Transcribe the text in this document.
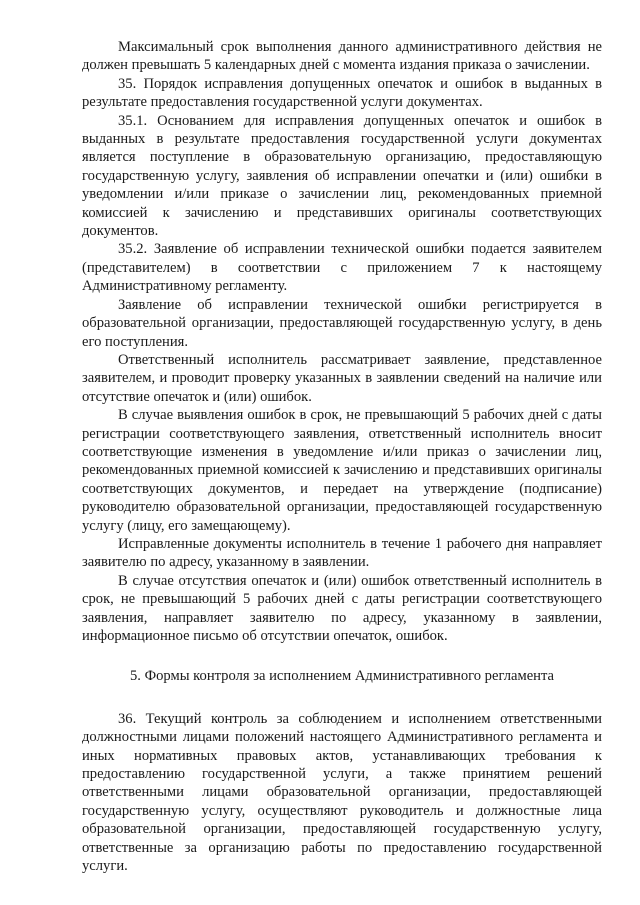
Максимальный срок выполнения данного административного действия не должен превышать 5 календарных дней с момента издания приказа о зачислении.

35. Порядок исправления допущенных опечаток и ошибок в выданных в результате предоставления государственной услуги документах.

35.1. Основанием для исправления допущенных опечаток и ошибок в выданных в результате предоставления государственной услуги документах является поступление в образовательную организацию, предоставляющую государственную услугу, заявления об исправлении опечатки и (или) ошибки в уведомлении и/или приказе о зачислении лиц, рекомендованных приемной комиссией к зачислению и представивших оригиналы соответствующих документов.

35.2. Заявление об исправлении технической ошибки подается заявителем (представителем) в соответствии с приложением 7 к настоящему Административному регламенту.

Заявление об исправлении технической ошибки регистрируется в образовательной организации, предоставляющей государственную услугу, в день его поступления.

Ответственный исполнитель рассматривает заявление, представленное заявителем, и проводит проверку указанных в заявлении сведений на наличие или отсутствие опечаток и (или) ошибок.

В случае выявления ошибок в срок, не превышающий 5 рабочих дней с даты регистрации соответствующего заявления, ответственный исполнитель вносит соответствующие изменения в уведомление и/или приказ о зачислении лиц, рекомендованных приемной комиссией к зачислению и представивших оригиналы соответствующих документов, и передает на утверждение (подписание) руководителю образовательной организации, предоставляющей государственную услугу (лицу, его замещающему).

Исправленные документы исполнитель в течение 1 рабочего дня направляет заявителю по адресу, указанному в заявлении.

В случае отсутствия опечаток и (или) ошибок ответственный исполнитель в срок, не превышающий 5 рабочих дней с даты регистрации соответствующего заявления, направляет заявителю по адресу, указанному в заявлении, информационное письмо об отсутствии опечаток, ошибок.

5. Формы контроля за исполнением Административного регламента

36. Текущий контроль за соблюдением и исполнением ответственными должностными лицами положений настоящего Административного регламента и иных нормативных правовых актов, устанавливающих требования к предоставлению государственной услуги, а также принятием решений ответственными лицами образовательной организации, предоставляющей государственную услугу, осуществляют руководитель и должностные лица образовательной организации, предоставляющей государственную услугу, ответственные за организацию работы по предоставлению государственной услуги.
